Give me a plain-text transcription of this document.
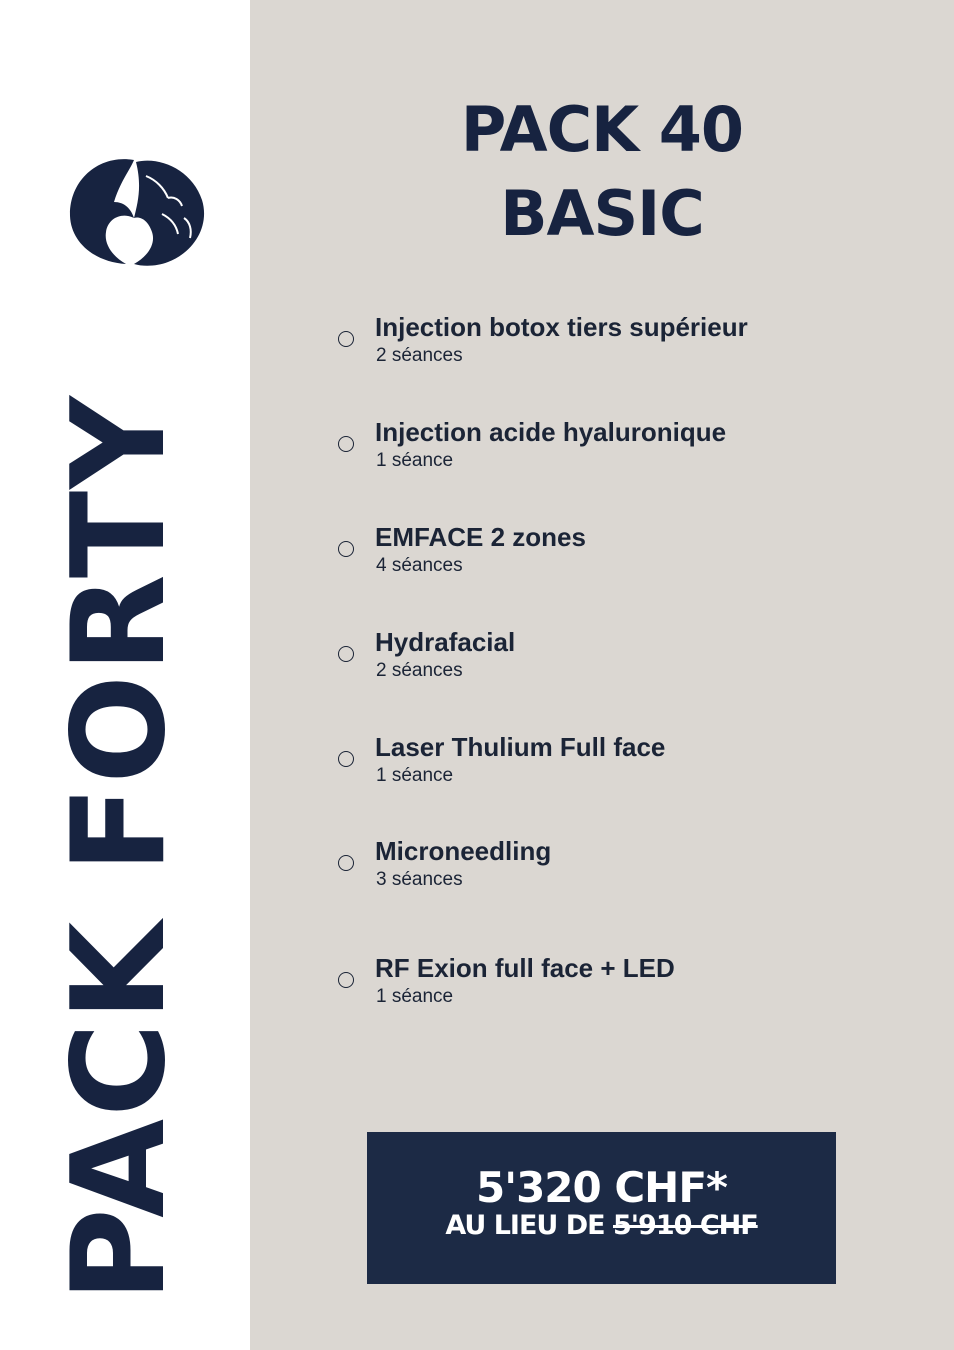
PACK FORTY
PACK 40
BASIC
Injection botox tiers supérieur
2 séances
Injection acide hyaluronique
1 séance
EMFACE 2 zones
4 séances
Hydrafacial
2 séances
Laser Thulium Full face
1 séance
Microneedling
3 séances
RF Exion full face + LED
1 séance
5'320 CHF*
AU LIEU DE 5'910 CHF
